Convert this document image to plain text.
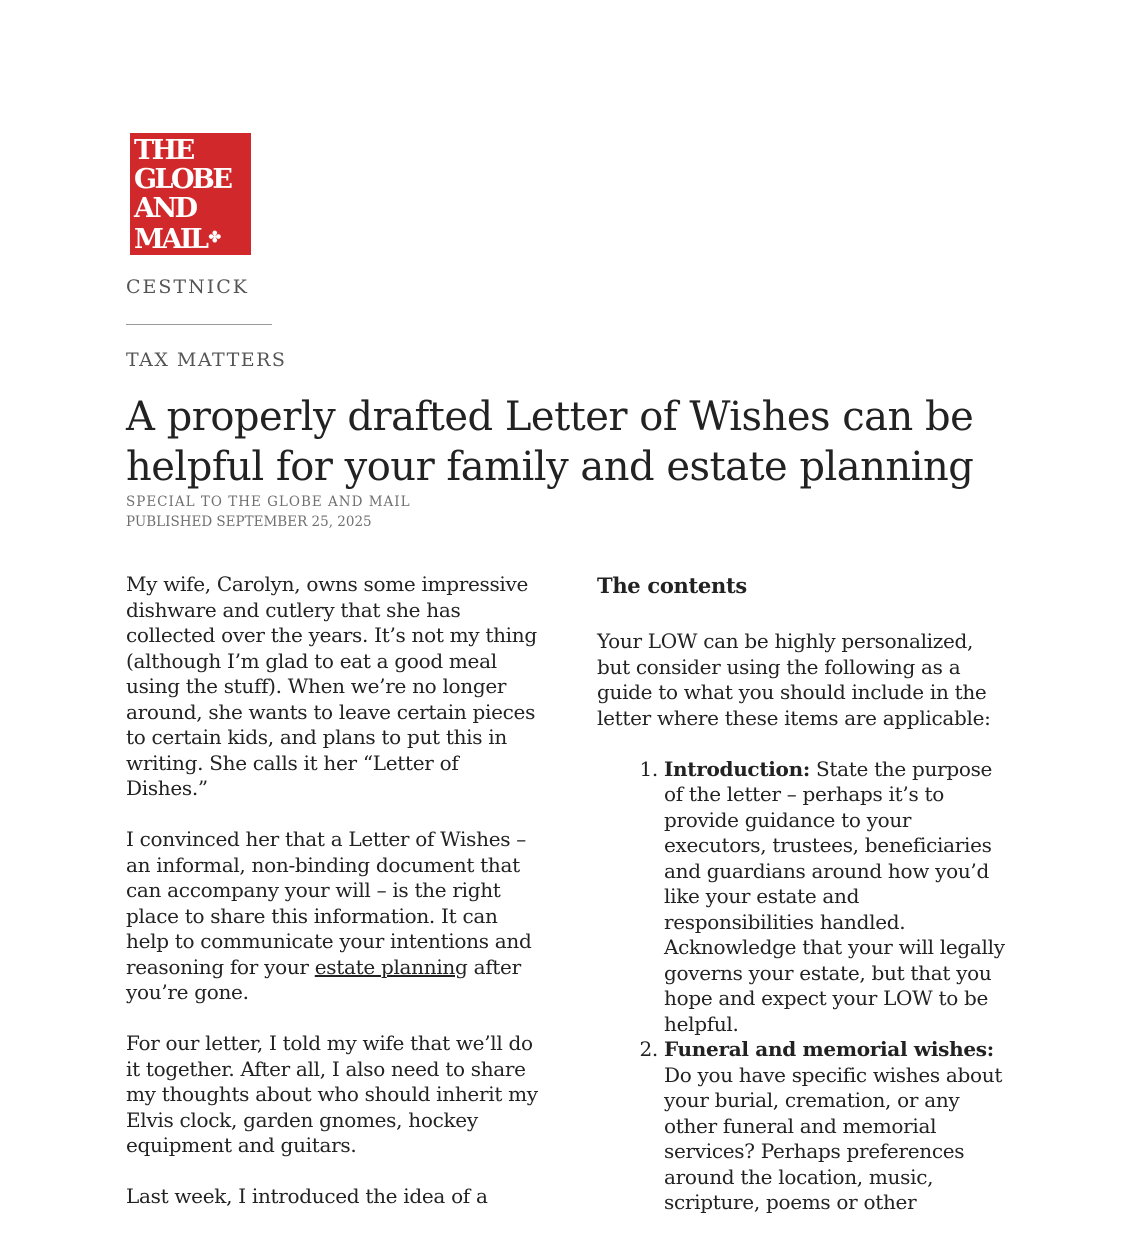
THE
GLOBE
AND
MAIL ✤
CESTNICK
TAX MATTERS
A properly drafted Letter of Wishes can be helpful for your family and estate planning
SPECIAL TO THE GLOBE AND MAIL
PUBLISHED SEPTEMBER 25, 2025

My wife, Carolyn, owns some impressive dishware and cutlery that she has collected over the years. It’s not my thing (although I’m glad to eat a good meal using the stuff). When we’re no longer around, she wants to leave certain pieces to certain kids, and plans to put this in writing. She calls it her “Letter of Dishes.”

I convinced her that a Letter of Wishes – an informal, non-binding document that can accompany your will – is the right place to share this information. It can help to communicate your intentions and reasoning for your estate planning after you’re gone.

For our letter, I told my wife that we’ll do it together. After all, I also need to share my thoughts about who should inherit my Elvis clock, garden gnomes, hockey equipment and guitars.

Last week, I introduced the idea of a

The contents

Your LOW can be highly personalized, but consider using the following as a guide to what you should include in the letter where these items are applicable:

1. Introduction: State the purpose of the letter – perhaps it’s to provide guidance to your executors, trustees, beneficiaries and guardians around how you’d like your estate and responsibilities handled. Acknowledge that your will legally governs your estate, but that you hope and expect your LOW to be helpful.
2. Funeral and memorial wishes: Do you have specific wishes about your burial, cremation, or any other funeral and memorial services? Perhaps preferences around the location, music, scripture, poems or other
